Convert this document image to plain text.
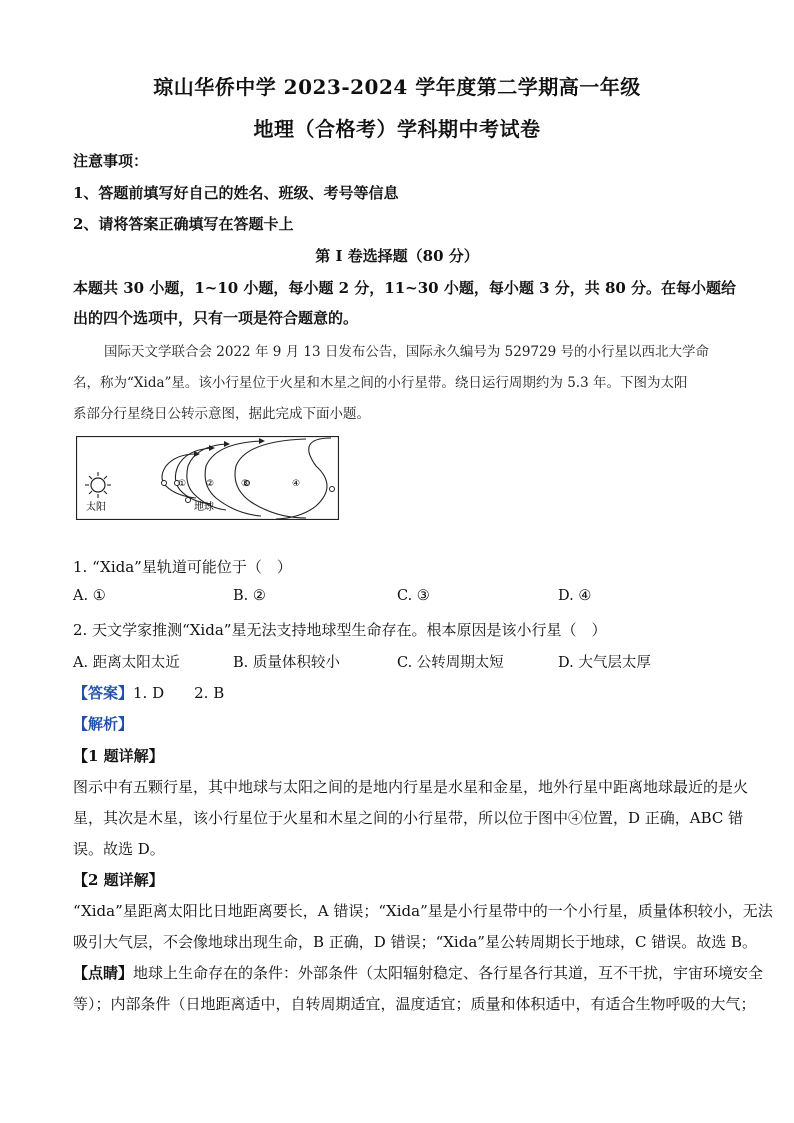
琼山华侨中学 2023-2024 学年度第二学期高一年级
地理（合格考）学科期中考试卷
注意事项：
1、答题前填写好自己的姓名、班级、考号等信息
2、请将答案正确填写在答题卡上
第 I 卷选择题（80 分）
本题共 30 小题，1~10 小题，每小题 2 分，11~30 小题，每小题 3 分，共 80 分。在每小题给
出的四个选项中，只有一项是符合题意的。
国际天文学联合会 2022 年 9 月 13 日发布公告，国际永久编号为 529729 号的小行星以西北大学命
名，称为“Xida”星。该小行星位于火星和木星之间的小行星带。绕日运行周期约为 5.3 年。下图为太阳
系部分行星绕日公转示意图，据此完成下面小题。
① ②	③	④
太阳	地球
1. “Xida”星轨道可能位于（　）
A. ①	B. ②	C. ③	D. ④
2. 天文学家推测“Xida”星无法支持地球型生命存在。根本原因是该小行星（　）
A. 距离太阳太近	B. 质量体积较小	C. 公转周期太短	D. 大气层太厚
【答案】1. D　　2. B
【解析】
【1 题详解】
图示中有五颗行星，其中地球与太阳之间的是地内行星是水星和金星，地外行星中距离地球最近的是火
星，其次是木星，该小行星位于火星和木星之间的小行星带，所以位于图中④位置，D 正确，ABC 错
误。故选 D。
【2 题详解】
“Xida”星距离太阳比日地距离要长，A 错误；“Xida”星是小行星带中的一个小行星，质量体积较小，无法
吸引大气层，不会像地球出现生命，B 正确，D 错误；“Xida”星公转周期长于地球，C 错误。故选 B。
【点睛】地球上生命存在的条件：外部条件（太阳辐射稳定、各行星各行其道，互不干扰，宇宙环境安全
等）；内部条件（日地距离适中，自转周期适宜，温度适宜；质量和体积适中，有适合生物呼吸的大气；
